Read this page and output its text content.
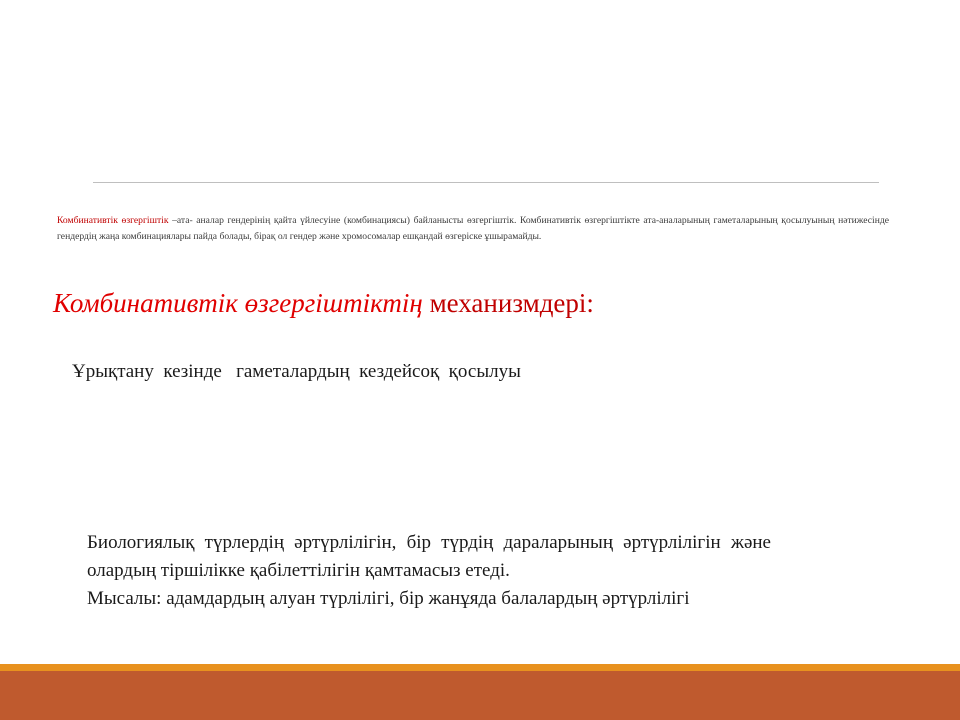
Комбинативтік өзгергіштік –ата- аналар гендерінің қайта үйлесуіне (комбинациясы) байланысты өзгергіштік. Комбинативтік өзгергіштікте ата-аналарының гаметаларының қосылуының нәтижесінде гендердің жаңа комбинациялары пайда болады, бірақ ол гендер және хромосомалар ешқандай өзгеріске ұшырамайды.
Комбинативтік өзгергіштіктің механизмдері:
Ұрықтану  кезінде   гаметалардың  кездейсоқ  қосылуы

Биологиялық түрлердің әртүрлілігін, бір түрдің дараларының әртүрлілігін және олардың тіршілікке қабілеттілігін қамтамасыз етеді.

Мысалы: адамдардың алуан түрлілігі, бір жанұяда балалардың әртүрлілігі
